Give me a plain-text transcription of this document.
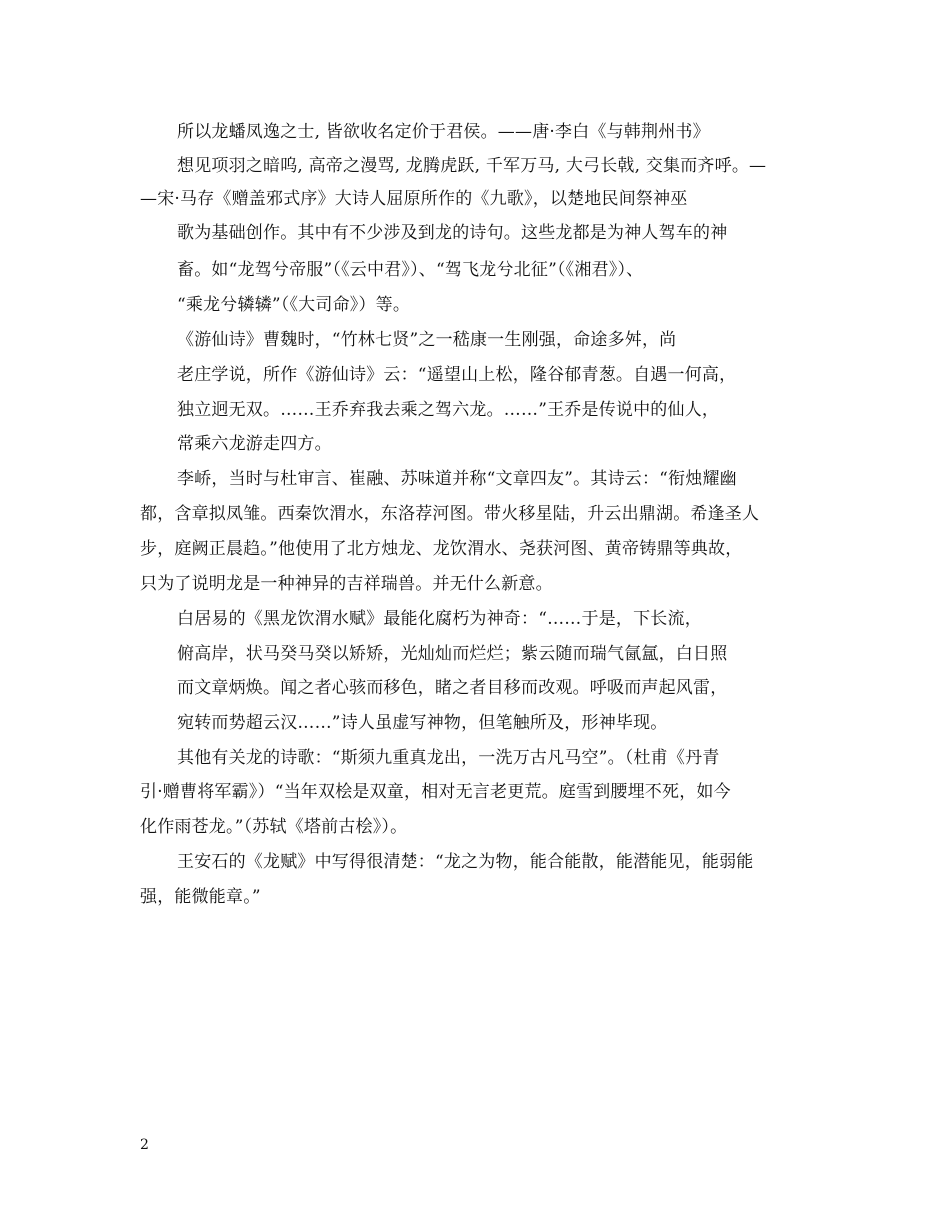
所以龙蟠凤逸之士, 皆欲收名定价于君侯。——唐·李白《与韩荆州书》
想见项羽之暗呜, 高帝之漫骂, 龙腾虎跃, 千军万马, 大弓长戟, 交集而齐呼。—
—宋·马存《赠盖邪式序》大诗人屈原所作的《九歌》，以楚地民间祭神巫
歌为基础创作。其中有不少涉及到龙的诗句。这些龙都是为神人驾车的神
畜。如“龙驾兮帝服”（《云中君》）、“驾飞龙兮北征”（《湘君》）、
“乘龙兮辚辚”（《大司命》）等。
《游仙诗》曹魏时，“竹林七贤”之一嵇康一生刚强，命途多舛，尚
老庄学说，所作《游仙诗》云：“遥望山上松，隆谷郁青葱。自遇一何高，
独立迥无双。……王乔弃我去乘之驾六龙。……”王乔是传说中的仙人，
常乘六龙游走四方。
李峤，当时与杜审言、崔融、苏味道并称“文章四友”。其诗云：“衔烛耀幽
都，含章拟凤雏。西秦饮渭水，东洛荐河图。带火移星陆，升云出鼎湖。希逢圣人
步，庭阙正晨趋。”他使用了北方烛龙、龙饮渭水、尧获河图、黄帝铸鼎等典故，
只为了说明龙是一种神异的吉祥瑞兽。并无什么新意。
白居易的《黑龙饮渭水赋》最能化腐朽为神奇：“……于是，下长流，
俯高岸，状马癸马癸以矫矫，光灿灿而烂烂；紫云随而瑞气氤氲，白日照
而文章炳焕。闻之者心骇而移色，睹之者目移而改观。呼吸而声起风雷，
宛转而势超云汉……”诗人虽虚写神物，但笔触所及，形神毕现。
其他有关龙的诗歌：“斯须九重真龙出，一洗万古凡马空”。（杜甫《丹青
引·赠曹将军霸》）“当年双桧是双童，相对无言老更荒。庭雪到腰埋不死，如今
化作雨苍龙。”（苏轼《塔前古桧》）。
王安石的《龙赋》中写得很清楚：“龙之为物，能合能散，能潜能见，能弱能
强，能微能章。”
2
